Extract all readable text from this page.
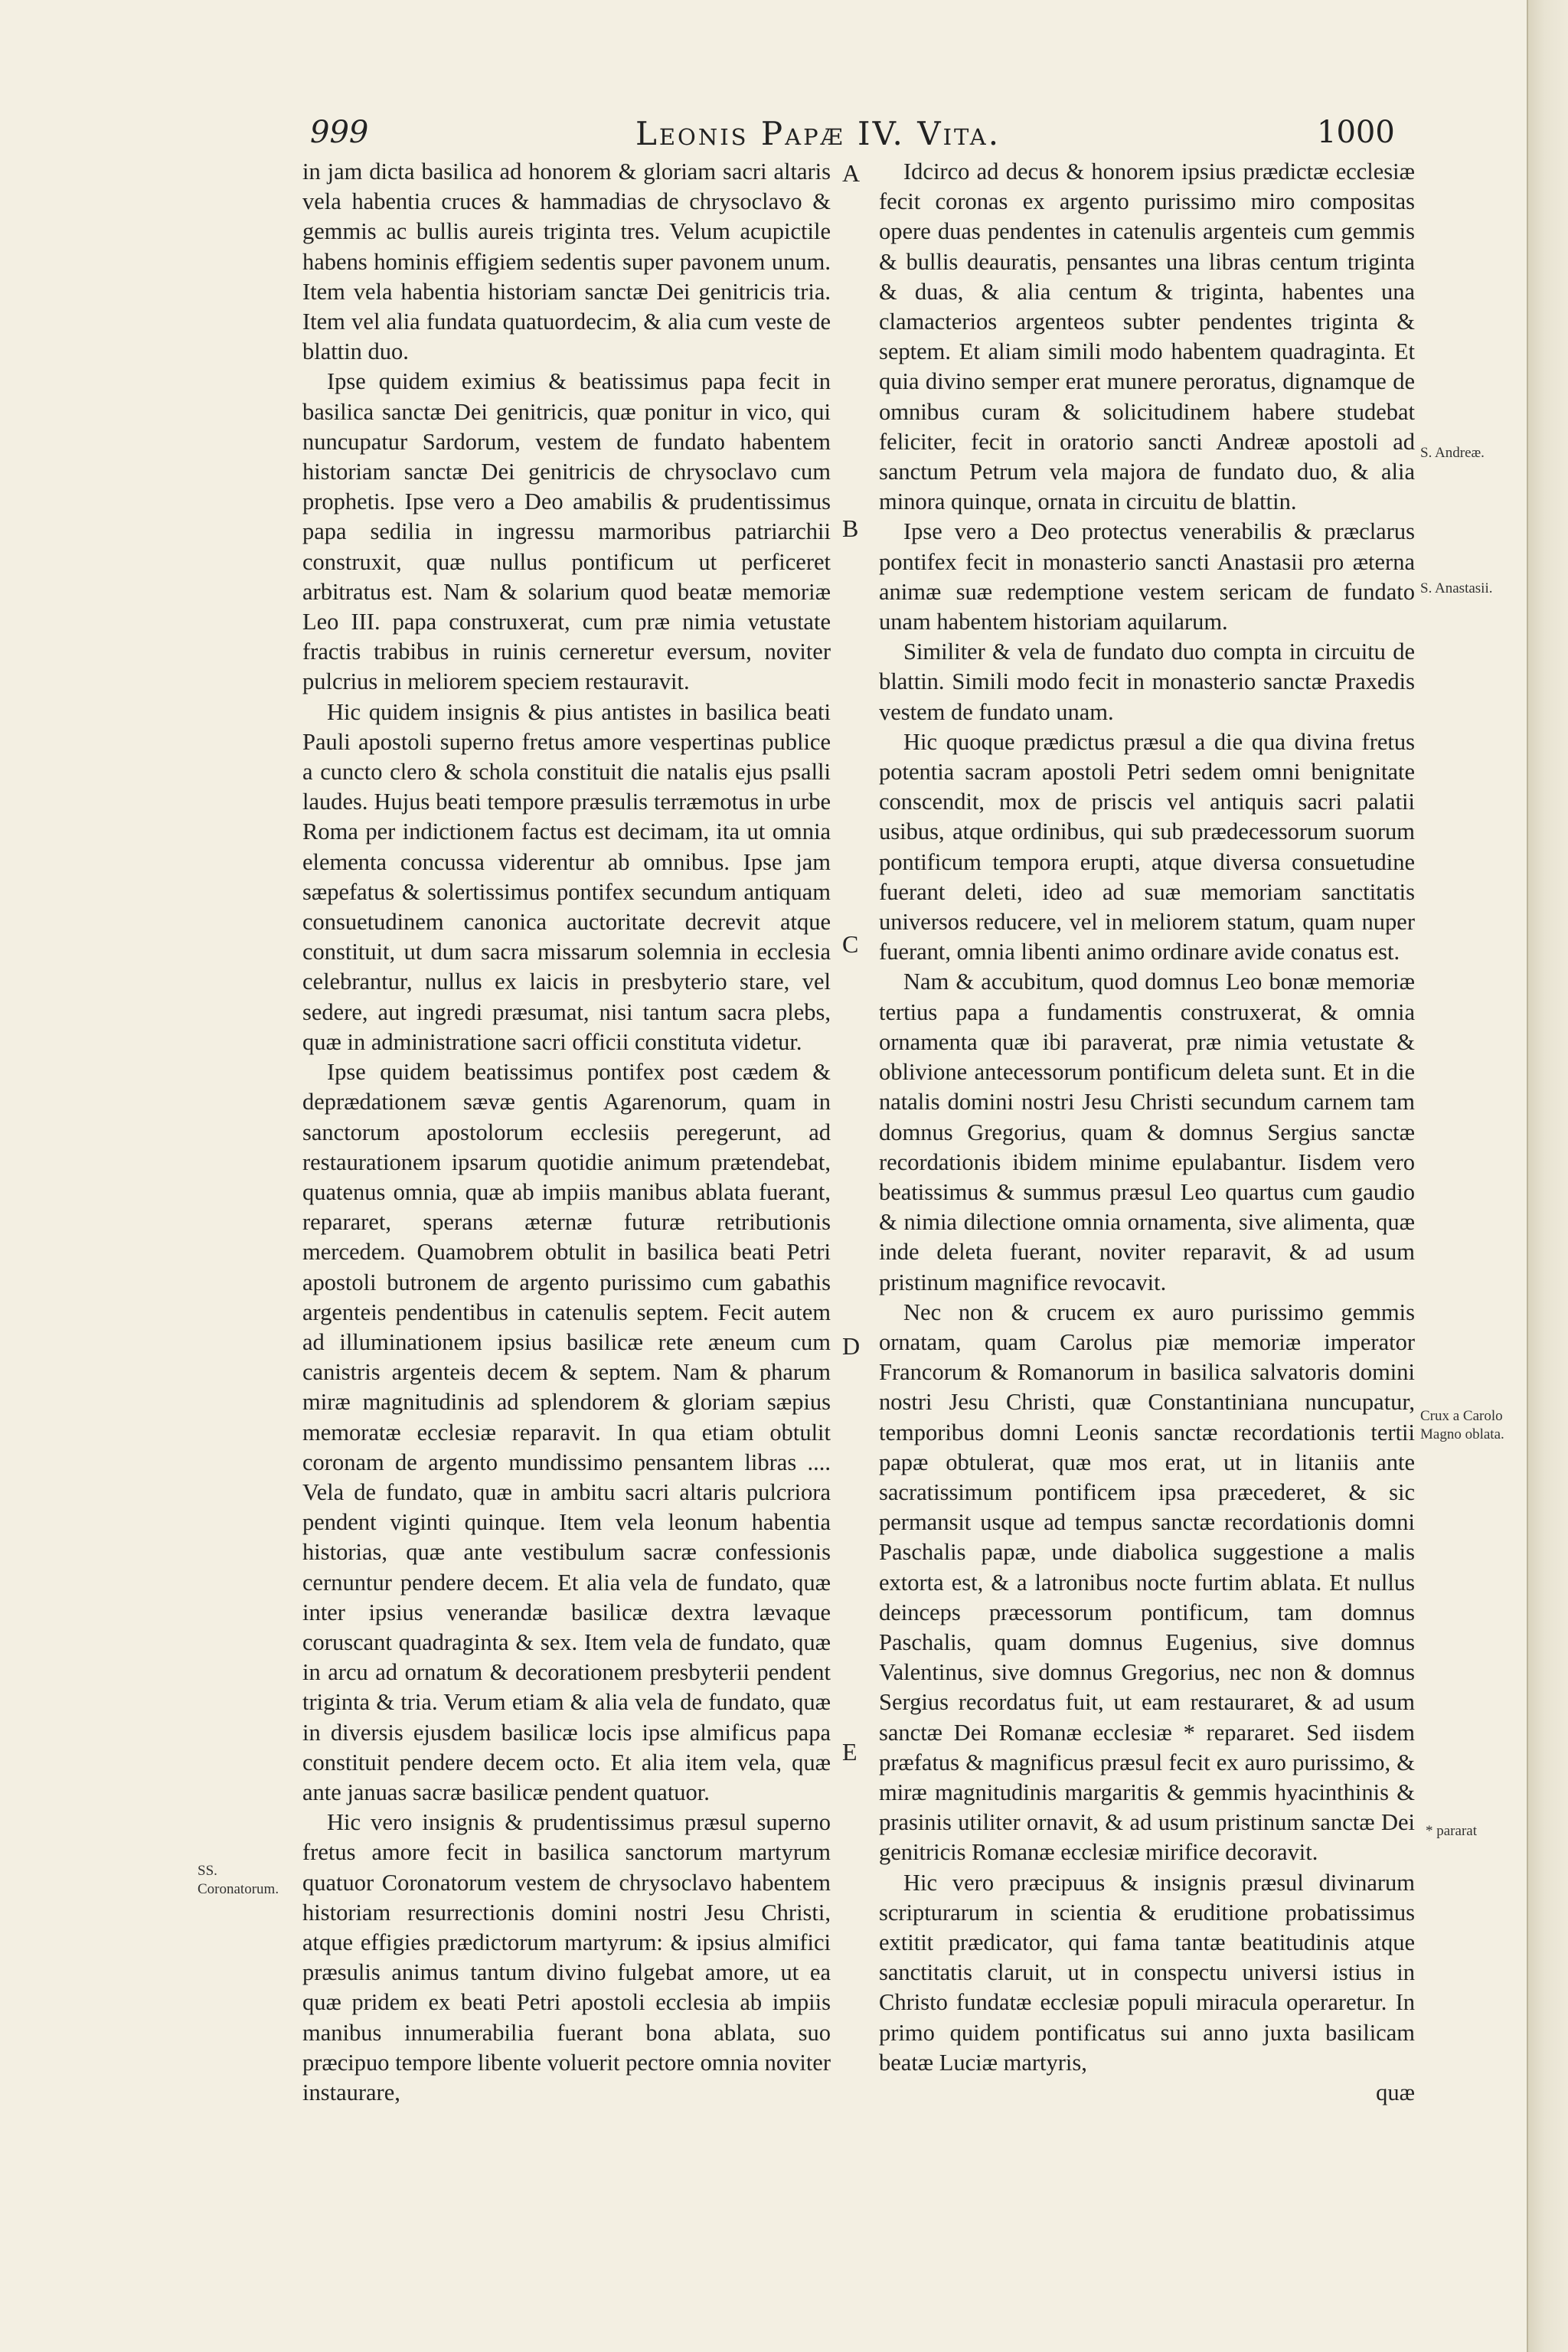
999	Leonis Papæ IV. Vita.	1000

in jam dicta basilica ad honorem & gloriam sacri altaris vela habentia cruces & hammadias de chrysoclavo & gemmis ac bullis aureis triginta tres. Velum acupictile habens hominis effigiem sedentis super pavonem unum. Item vela habentia historiam sanctæ Dei genitricis tria. Item vel alia fundata quatuordecim, & alia cum veste de blattin duo.

Ipse quidem eximius & beatissimus papa fecit in basilica sanctæ Dei genitricis, quæ ponitur in vico, qui nuncupatur Sardorum, vestem de fundato habentem historiam sanctæ Dei genitricis de chrysoclavo cum prophetis. Ipse vero a Deo amabilis & prudentissimus papa sedilia in ingressu marmoribus patriarchii construxit, quæ nullus pontificum ut perficeret arbitratus est. Nam & solarium quod beatæ memoriæ Leo III. papa construxerat, cum præ nimia vetustate fractis trabibus in ruinis cerneretur eversum, noviter pulcrius in meliorem speciem restauravit.

Hic quidem insignis & pius antistes in basilica beati Pauli apostoli superno fretus amore vespertinas publice a cuncto clero & schola constituit die natalis ejus psalli laudes. Hujus beati tempore præsulis terræmotus in urbe Roma per indictionem factus est decimam, ita ut omnia elementa concussa viderentur ab omnibus. Ipse jam sæpefatus & solertissimus pontifex secundum antiquam consuetudinem canonica auctoritate decrevit atque constituit, ut dum sacra missarum solemnia in ecclesia celebrantur, nullus ex laicis in presbyterio stare, vel sedere, aut ingredi præsumat, nisi tantum sacra plebs, quæ in administratione sacri officii constituta videtur.

Ipse quidem beatissimus pontifex post cædem & deprædationem sævæ gentis Agarenorum, quam in sanctorum apostolorum ecclesiis peregerunt, ad restaurationem ipsarum quotidie animum prætendebat, quatenus omnia, quæ ab impiis manibus ablata fuerant, repararet, sperans æternæ futuræ retributionis mercedem. Quamobrem obtulit in basilica beati Petri apostoli butronem de argento purissimo cum gabathis argenteis pendentibus in catenulis septem. Fecit autem ad illuminationem ipsius basilicæ rete æneum cum canistris argenteis decem & septem. Nam & pharum miræ magnitudinis ad splendorem & gloriam sæpius memoratæ ecclesiæ reparavit. In qua etiam obtulit coronam de argento mundissimo pensantem libras .... Vela de fundato, quæ in ambitu sacri altaris pulcriora pendent viginti quinque. Item vela leonum habentia historias, quæ ante vestibulum sacræ confessionis cernuntur pendere decem. Et alia vela de fundato, quæ inter ipsius venerandæ basilicæ dextra lævaque coruscant quadraginta & sex. Item vela de fundato, quæ in arcu ad ornatum & decorationem presbyterii pendent triginta & tria. Verum etiam & alia vela de fundato, quæ in diversis ejusdem basilicæ locis ipse almificus papa constituit pendere decem octo. Et alia item vela, quæ ante januas sacræ basilicæ pendent quatuor.

Hic vero insignis & prudentissimus præsul superno fretus amore fecit in basilica sanctorum martyrum quatuor Coronatorum vestem de chrysoclavo habentem historiam resurrectionis domini nostri Jesu Christi, atque effigies prædictorum martyrum: & ipsius almifici præsulis animus tantum divino fulgebat amore, ut ea quæ pridem ex beati Petri apostoli ecclesia ab impiis manibus innumerabilia fuerant bona ablata, suo præcipuo tempore libente voluerit pectore omnia noviter instaurare,

Idcirco ad decus & honorem ipsius prædictæ ecclesiæ fecit coronas ex argento purissimo miro compositas opere duas pendentes in catenulis argenteis cum gemmis & bullis deauratis, pensantes una libras centum triginta & duas, & alia centum & triginta, habentes una clamacterios argenteos subter pendentes triginta & septem. Et aliam simili modo habentem quadraginta. Et quia divino semper erat munere peroratus, dignamque de omnibus curam & solicitudinem habere studebat feliciter, fecit in oratorio sancti Andreæ apostoli ad sanctum Petrum vela majora de fundato duo, & alia minora quinque, ornata in circuitu de blattin.

Ipse vero a Deo protectus venerabilis & præclarus pontifex fecit in monasterio sancti Anastasii pro æterna animæ suæ redemptione vestem sericam de fundato unam habentem historiam aquilarum.

Similiter & vela de fundato duo compta in circuitu de blattin. Simili modo fecit in monasterio sanctæ Praxedis vestem de fundato unam.

Hic quoque prædictus præsul a die qua divina fretus potentia sacram apostoli Petri sedem omni benignitate conscendit, mox de priscis vel antiquis sacri palatii usibus, atque ordinibus, qui sub prædecessorum suorum pontificum tempora erupti, atque diversa consuetudine fuerant deleti, ideo ad suæ memoriam sanctitatis universos reducere, vel in meliorem statum, quam nuper fuerant, omnia libenti animo ordinare avide conatus est.

Nam & accubitum, quod domnus Leo bonæ memoriæ tertius papa a fundamentis construxerat, & omnia ornamenta quæ ibi paraverat, præ nimia vetustate & oblivione antecessorum pontificum deleta sunt. Et in die natalis domini nostri Jesu Christi secundum carnem tam domnus Gregorius, quam & domnus Sergius sanctæ recordationis ibidem minime epulabantur. Iisdem vero beatissimus & summus præsul Leo quartus cum gaudio & nimia dilectione omnia ornamenta, sive alimenta, quæ inde deleta fuerant, noviter reparavit, & ad usum pristinum magnifice revocavit.

Nec non & crucem ex auro purissimo gemmis ornatam, quam Carolus piæ memoriæ imperator Francorum & Romanorum in basilica salvatoris domini nostri Jesu Christi, quæ Constantiniana nuncupatur, temporibus domni Leonis sanctæ recordationis tertii papæ obtulerat, quæ mos erat, ut in litaniis ante sacratissimum pontificem ipsa præcederet, & sic permansit usque ad tempus sanctæ recordationis domni Paschalis papæ, unde diabolica suggestione a malis extorta est, & a latronibus nocte furtim ablata. Et nullus deinceps præcessorum pontificum, tam domnus Paschalis, quam domnus Eugenius, sive domnus Valentinus, sive domnus Gregorius, nec non & domnus Sergius recordatus fuit, ut eam restauraret, & ad usum sanctæ Dei Romanæ ecclesiæ * repararet. Sed iisdem præfatus & magnificus præsul fecit ex auro purissimo, & miræ magnitudinis margaritis & gemmis hyacinthinis & prasinis utiliter ornavit, & ad usum pristinum sanctæ Dei genitricis Romanæ ecclesiæ mirifice decoravit.

Hic vero præcipuus & insignis præsul divinarum scripturarum in scientia & eruditione probatissimus extitit prædicator, qui fama tantæ beatitudinis atque sanctitatis claruit, ut in conspectu universi istius in Christo fundatæ ecclesiæ populi miracula operaretur. In primo quidem pontificatus sui anno juxta basilicam beatæ Luciæ martyris,

quæ

A
B
C
D
E
SS. Coronatorum.
S. Andreæ.
S. Anastasii.
Crux a Carolo Magno oblata.
* pararat
